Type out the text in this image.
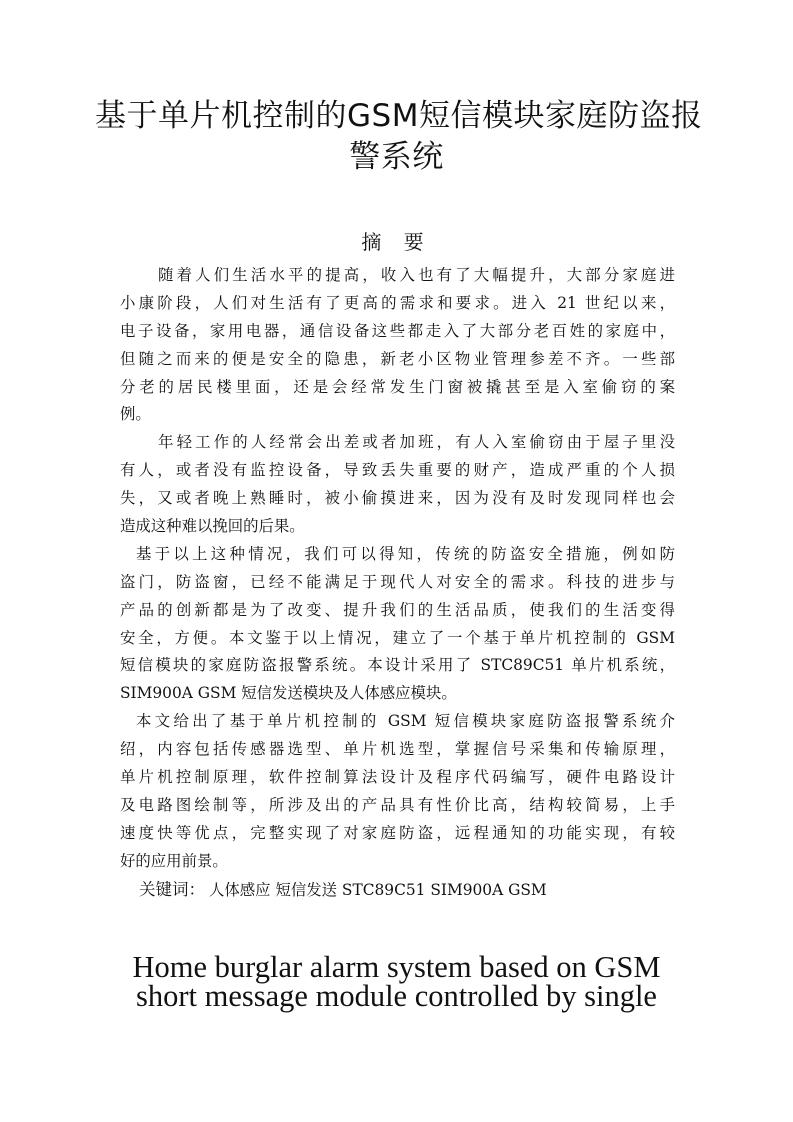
基于单片机控制的GSM短信模块家庭防盗报
警系统
摘 要
随着人们生活水平的提高，收入也有了大幅提升，大部分家庭进
小康阶段，人们对生活有了更高的需求和要求。进入 21 世纪以来，
电子设备，家用电器，通信设备这些都走入了大部分老百姓的家庭中，
但随之而来的便是安全的隐患，新老小区物业管理参差不齐。一些部
分老的居民楼里面，还是会经常发生门窗被撬甚至是入室偷窃的案
例。
年轻工作的人经常会出差或者加班，有人入室偷窃由于屋子里没
有人，或者没有监控设备，导致丢失重要的财产，造成严重的个人损
失，又或者晚上熟睡时，被小偷摸进来，因为没有及时发现同样也会
造成这种难以挽回的后果。
基于以上这种情况，我们可以得知，传统的防盗安全措施，例如防
盗门，防盗窗，已经不能满足于现代人对安全的需求。科技的进步与
产品的创新都是为了改变、提升我们的生活品质，使我们的生活变得
安全，方便。本文鉴于以上情况，建立了一个基于单片机控制的 GSM
短信模块的家庭防盗报警系统。本设计采用了 STC89C51 单片机系统，
SIM900A GSM 短信发送模块及人体感应模块。
本文给出了基于单片机控制的 GSM 短信模块家庭防盗报警系统介
绍，内容包括传感器选型、单片机选型，掌握信号采集和传输原理，
单片机控制原理，软件控制算法设计及程序代码编写，硬件电路设计
及电路图绘制等，所涉及出的产品具有性价比高，结构较简易，上手
速度快等优点，完整实现了对家庭防盗，远程通知的功能实现，有较
好的应用前景。
关键词： 人体感应 短信发送 STC89C51 SIM900A GSM
Home burglar alarm system based on GSM
short message module controlled by single
